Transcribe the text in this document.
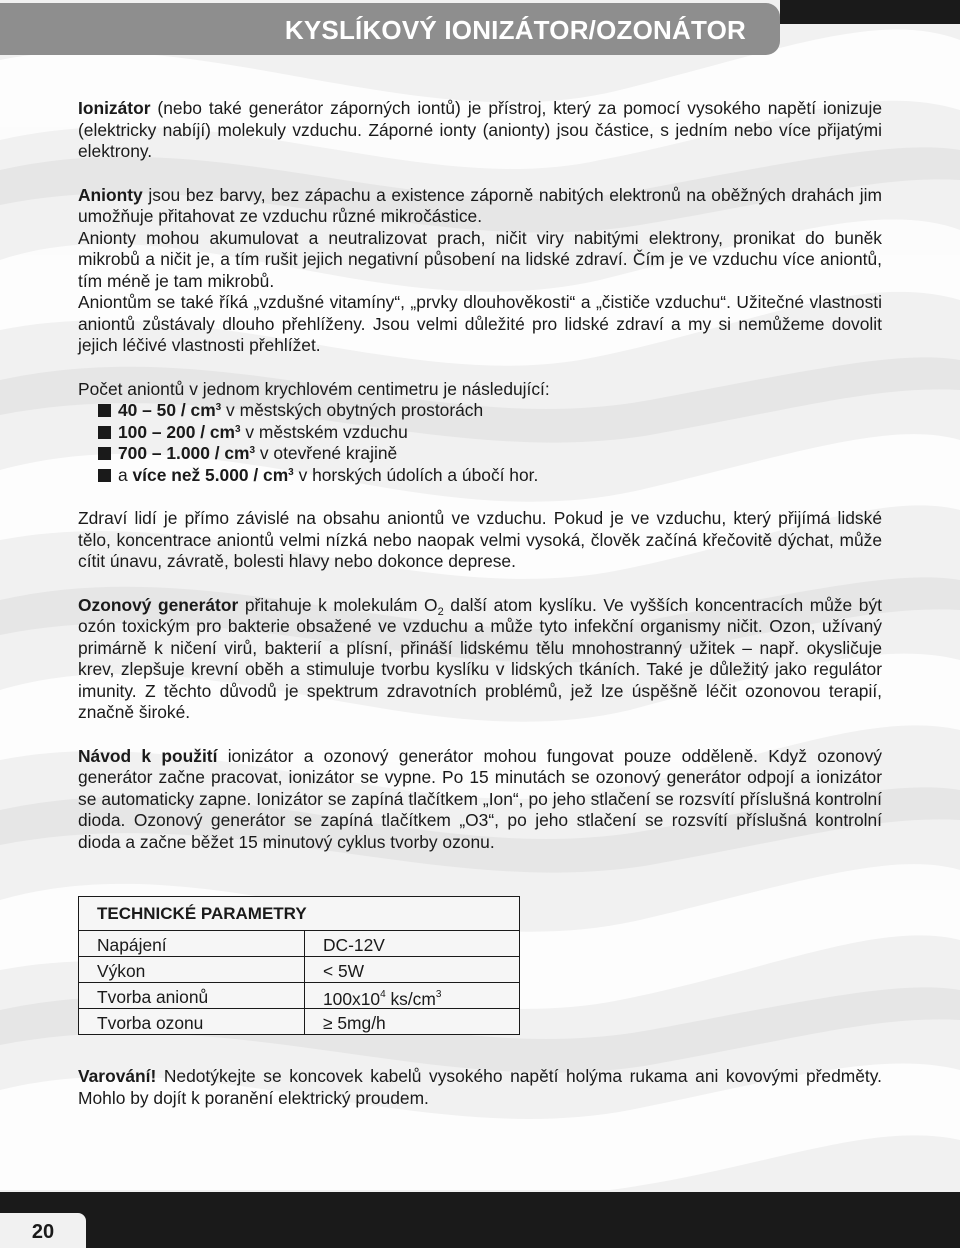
KYSLÍKOVÝ IONIZÁTOR/OZONÁTOR

Ionizátor (nebo také generátor záporných iontů) je přístroj, který za pomocí vysokého napětí ionizuje (elektricky nabíjí) molekuly vzduchu. Záporné ionty (anionty) jsou částice, s jedním nebo více přijatými elektrony.

Anionty jsou bez barvy, bez zápachu a existence záporně nabitých elektronů na oběžných drahách jim umožňuje přitahovat ze vzduchu různé mikročástice.

Anionty mohou akumulovat a neutralizovat prach, ničit viry nabitými elektrony, pronikat do buněk mikrobů a ničit je, a tím rušit jejich negativní působení na lidské zdraví. Čím je ve vzduchu více aniontů, tím méně je tam mikrobů.

Aniontům se také říká „vzdušné vitamíny“, „prvky dlouhověkosti“ a „čističe vzduchu“. Užitečné vlastnosti aniontů zůstávaly dlouho přehlíženy. Jsou velmi důležité pro lidské zdraví a my si nemůžeme dovolit jejich léčivé vlastnosti přehlížet.

Počet aniontů v jednom krychlovém centimetru je následující:

$40 - 50 / cm^3$ v městských obytných prostorách
$100 - 200 / cm^3$ v městském vzduchu
$700 - 1.000 / cm^3$ v otevřené krajině
a více než $5.000 / cm^3$ v horských údolích a úbočí hor.

Zdraví lidí je přímo závislé na obsahu aniontů ve vzduchu. Pokud je ve vzduchu, který přijímá lidské tělo, koncentrace aniontů velmi nízká nebo naopak velmi vysoká, člověk začíná křečovitě dýchat, může cítit únavu, závratě, bolesti hlavy nebo dokonce deprese.

Ozonový generátor přitahuje k molekulám $O_2$ další atom kyslíku. Ve vyšších koncentracích může být ozón toxickým pro bakterie obsažené ve vzduchu a může tyto infekční organismy ničit. Ozon, užívaný primárně k ničení virů, bakterií a plísní, přináší lidskému tělu mnohostranný užitek – např. okysličuje krev, zlepšuje krevní oběh a stimuluje tvorbu kyslíku v lidských tkáních. Také je důležitý jako regulátor imunity. Z těchto důvodů je spektrum zdravotních problémů, jež lze úspěšně léčit ozonovou terapií, značně široké.

Návod k použití ionizátor a ozonový generátor mohou fungovat pouze odděleně. Když ozonový generátor začne pracovat, ionizátor se vypne. Po 15 minutách se ozonový generátor odpojí a ionizátor se automaticky zapne. Ionizátor se zapíná tlačítkem „Ion“, po jeho stlačení se rozsvítí příslušná kontrolní dioda. Ozonový generátor se zapíná tlačítkem „O3“, po jeho stlačení se rozsvítí příslušná kontrolní dioda a začne běžet 15 minutový cyklus tvorby ozonu.

TECHNICKÉ PARAMETRY	
Napájení	DC-12V
Výkon	< 5W
Tvorba anionů	$100x10^4$ $ks/cm^3$
Tvorba ozonu	≥ 5mg/h

Varování! Nedotýkejte se koncovek kabelů vysokého napětí holýma rukama ani kovovými předměty. Mohlo by dojít k poranění elektrický proudem.

20
